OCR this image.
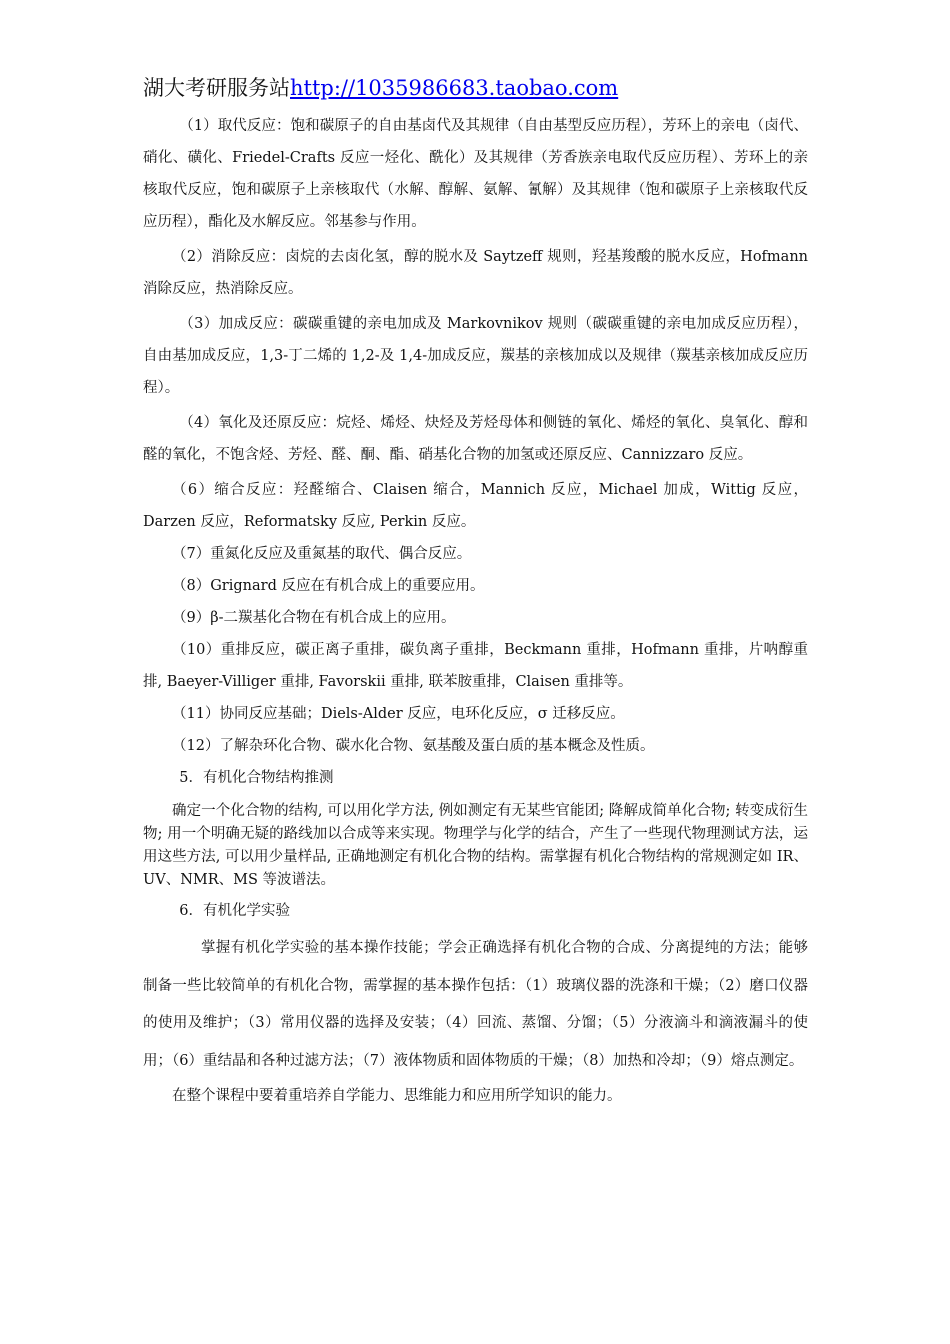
湖大考研服务站http://1035986683.taobao.com

（1）取代反应：饱和碳原子的自由基卤代及其规律（自由基型反应历程），芳环上的亲电（卤代、硝化、磺化、Friedel-Crafts 反应一烃化、酰化）及其规律（芳香族亲电取代反应历程）、芳环上的亲核取代反应，饱和碳原子上亲核取代（水解、醇解、氨解、氰解）及其规律（饱和碳原子上亲核取代反应历程），酯化及水解反应。邻基参与作用。

（2）消除反应：卤烷的去卤化氢，醇的脱水及 Saytzeff 规则，羟基羧酸的脱水反应，Hofmann 消除反应，热消除反应。

（3）加成反应：碳碳重键的亲电加成及 Markovnikov 规则（碳碳重键的亲电加成反应历程），自由基加成反应，1,3-丁二烯的 1,2-及 1,4-加成反应，羰基的亲核加成以及规律（羰基亲核加成反应历程）。

（4）氧化及还原反应：烷烃、烯烃、炔烃及芳烃母体和侧链的氧化、烯烃的氧化、臭氧化、醇和醛的氧化，不饱含烃、芳烃、醛、酮、酯、硝基化合物的加氢或还原反应、Cannizzaro 反应。

（6）缩合反应：羟醛缩合、Claisen 缩合，Mannich 反应，Michael 加成，Wittig 反应，Darzen 反应，Reformatsky 反应, Perkin 反应。

（7）重氮化反应及重氮基的取代、偶合反应。

（8）Grignard 反应在有机合成上的重要应用。

（9）β-二羰基化合物在有机合成上的应用。

（10）重排反应，碳正离子重排，碳负离子重排，Beckmann 重排，Hofmann 重排，片呐醇重排, Baeyer-Villiger 重排, Favorskii 重排, 联苯胺重排，Claisen 重排等。

（11）协同反应基础；Diels-Alder 反应，电环化反应，σ 迁移反应。

（12）了解杂环化合物、碳水化合物、氨基酸及蛋白质的基本概念及性质。

5．有机化合物结构推测

确定一个化合物的结构, 可以用化学方法, 例如测定有无某些官能团; 降解成简单化合物; 转变成衍生物; 用一个明确无疑的路线加以合成等来实现。物理学与化学的结合，产生了一些现代物理测试方法，运用这些方法, 可以用少量样品, 正确地测定有机化合物的结构。需掌握有机化合物结构的常规测定如 IR、UV、NMR、MS 等波谱法。

6．有机化学实验

掌握有机化学实验的基本操作技能；学会正确选择有机化合物的合成、分离提纯的方法；能够制备一些比较简单的有机化合物，需掌握的基本操作包括：（1）玻璃仪器的洗涤和干燥；（2）磨口仪器的使用及维护；（3）常用仪器的选择及安装；（4）回流、蒸馏、分馏；（5）分液滴斗和滴液漏斗的使用；（6）重结晶和各种过滤方法；（7）液体物质和固体物质的干燥；（8）加热和冷却；（9）熔点测定。

在整个课程中要着重培养自学能力、思维能力和应用所学知识的能力。
